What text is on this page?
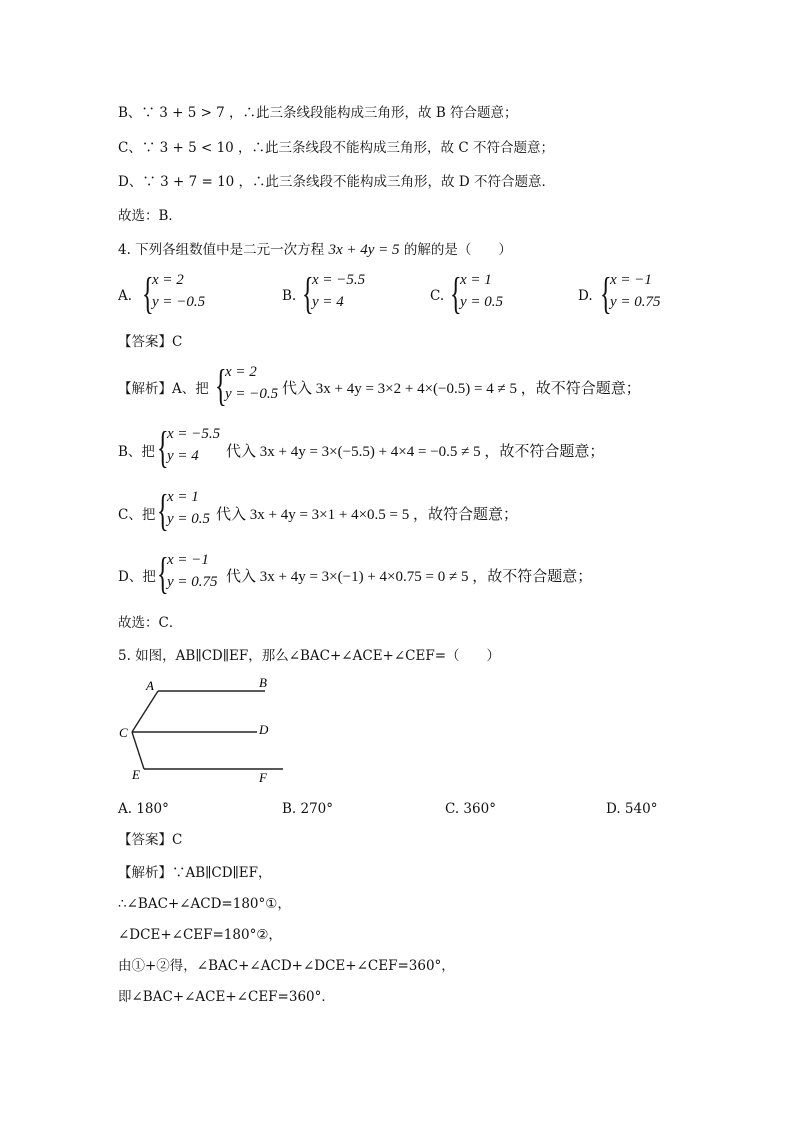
B、∵ 3 + 5 > 7 ，∴此三条线段能构成三角形，故 B 符合题意；
C、∵ 3 + 5 < 10 ，∴此三条线段不能构成三角形，故 C 不符合题意；
D、∵ 3 + 7 = 10 ，∴此三条线段不能构成三角形，故 D 不符合题意．
故选：B．
4. 下列各组数值中是二元一次方程 3x + 4y = 5 的解的是（　　）
A. {
x = 2
y = −0.5	B. {
x = −5.5
y = 4	C. {
x = 1
y = 0.5	D. {
x = −1
y = 0.75
【答案】C
【解析】A、把 {
x = 2
y = −0.5 代入 3x + 4y = 3×2 + 4×(−0.5) = 4 ≠ 5 ，故不符合题意；
B、把 {
x = −5.5
y = 4 代入 3x + 4y = 3×(−5.5) + 4×4 = −0.5 ≠ 5 ，故不符合题意；
C、把 {
x = 1
y = 0.5 代入 3x + 4y = 3×1 + 4×0.5 = 5 ，故符合题意；
D、把 {
x = −1
y = 0.75 代入 3x + 4y = 3×(−1) + 4×0.75 = 0 ≠ 5 ，故不符合题意；
故选：C．
5. 如图，AB∥CD∥EF，那么∠BAC+∠ACE+∠CEF=（　　）
A	B
C	D
E	F
A. 180°	B. 270°	C. 360°	D. 540°
【答案】C
【解析】∵AB∥CD∥EF，
∴∠BAC+∠ACD=180°①，
∠DCE+∠CEF=180°②，
由①+②得，∠BAC+∠ACD+∠DCE+∠CEF=360°，
即∠BAC+∠ACE+∠CEF=360°．
